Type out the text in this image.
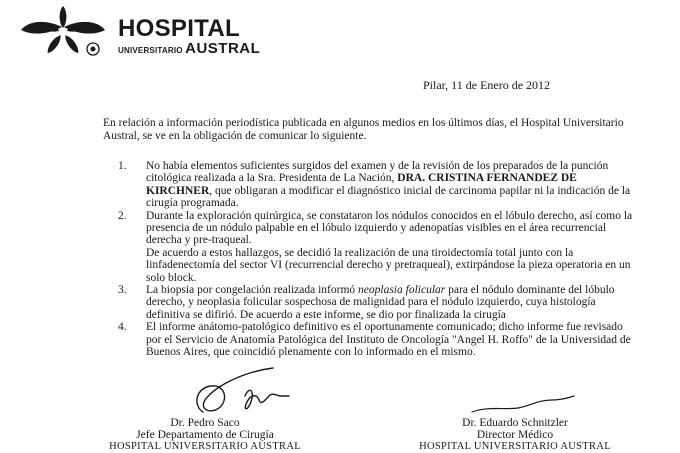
HOSPITAL
UNIVERSITARIO AUSTRAL
Pilar, 11 de Enero de 2012

En relación a información periodística publicada en algunos medios en los últimos días, el Hospital Universitario Austral, se ve en la obligación de comunicar lo siguiente.

1. No había elementos suficientes surgidos del examen y de la revisión de los preparados de la punción citológica realizada a la Sra. Presidenta de La Nación, DRA. CRISTINA FERNANDEZ DE KIRCHNER, que obligaran a modificar el diagnóstico inicial de carcinoma papilar ni la indicación de la cirugía programada.

2. Durante la exploración quirúrgica, se constataron los nódulos conocidos en el lóbulo derecho, así como la presencia de un nódulo palpable en el lóbulo izquierdo y adenopatías visibles en el área recurrencial derecha y pre-traqueal.

De acuerdo a estos hallazgos, se decidió la realización de una tiroidectomía total junto con la linfadenectomía del sector VI (recurrencial derecho y pretraqueal), extirpándose la pieza operatoria en un solo block.

3. La biopsia por congelación realizada informó neoplasia folicular para el nódulo dominante del lóbulo derecho, y neoplasia folicular sospechosa de malignidad para el nódulo izquierdo, cuya histología definitiva se difirió. De acuerdo a este informe, se dio por finalizada la cirugía

4. El informe anátomo-patológico definitivo es el oportunamente comunicado; dicho informe fue revisado por el Servicio de Anatomía Patológica del Instituto de Oncología "Angel H. Roffo" de la Universidad de Buenos Aires, que coincidió plenamente con lo informado en el mismo.

Dr. Pedro Saco
Jefe Departamento de Cirugía
HOSPITAL UNIVERSITARIO AUSTRAL
Dr. Eduardo Schnitzler
Director Médico
HOSPITAL UNIVERSITARIO AUSTRAL
